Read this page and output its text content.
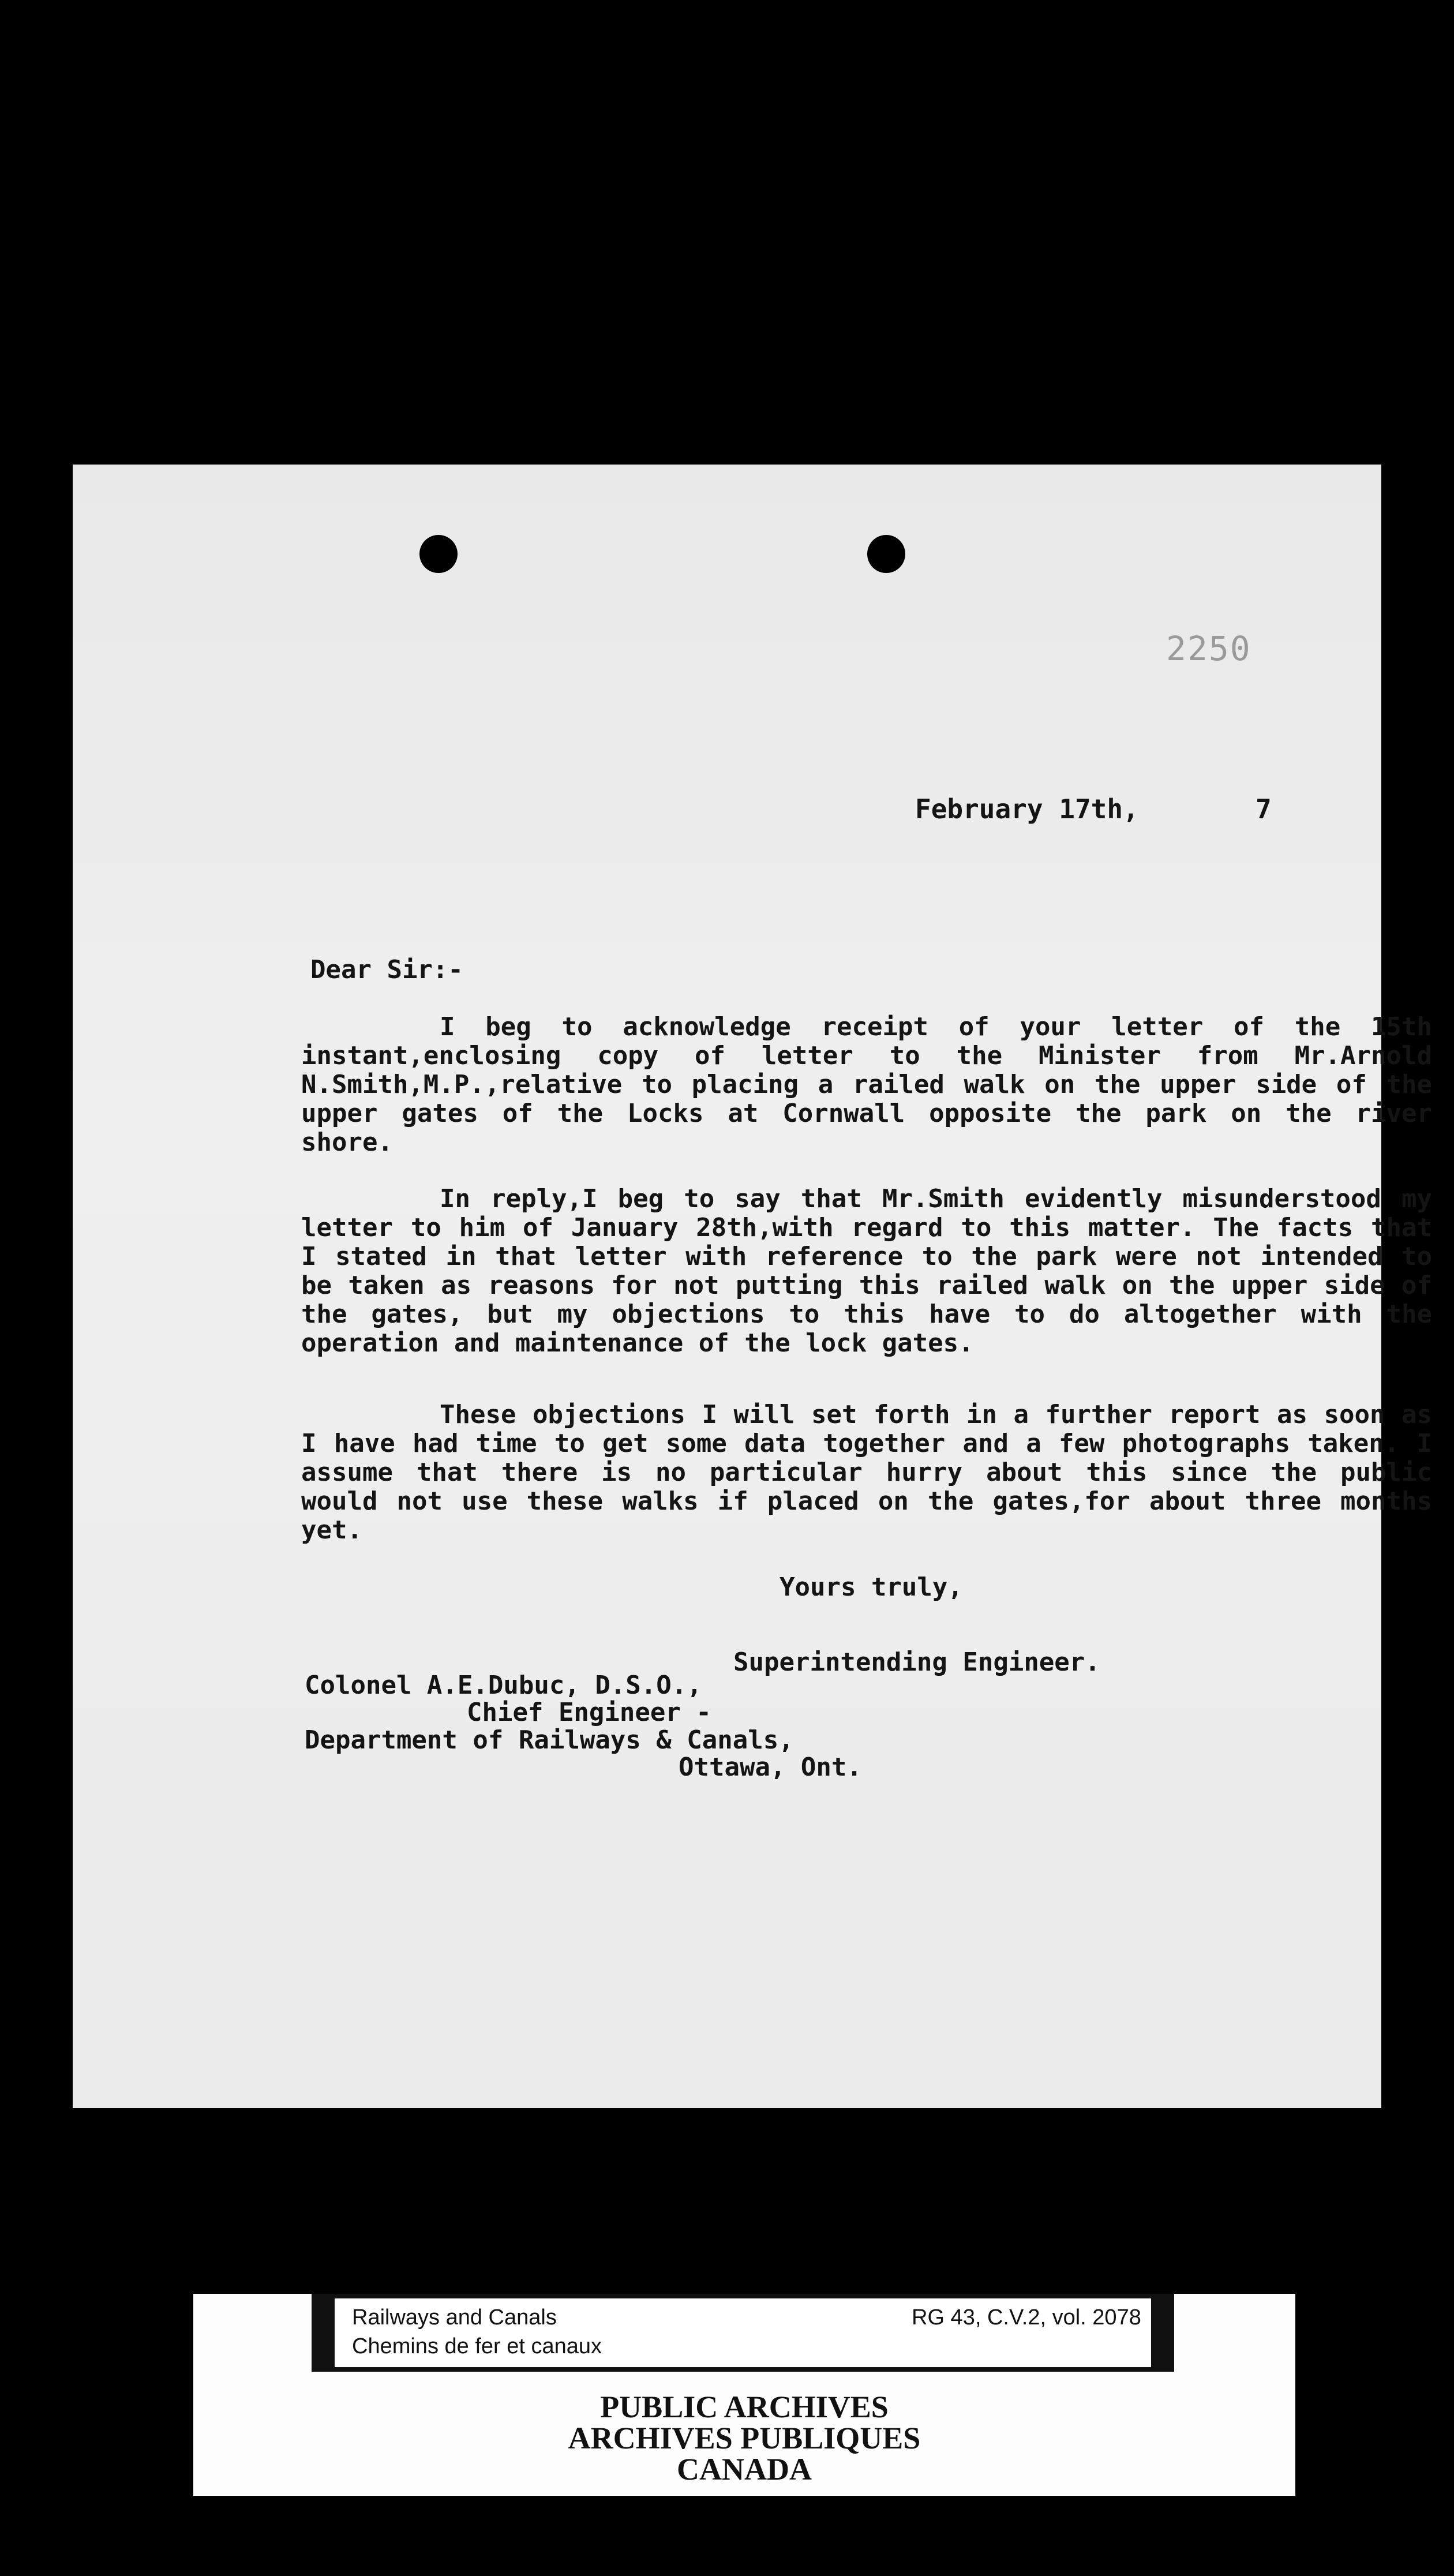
2250
February 17th,	7
Dear Sir:-
I beg to acknowledge receipt of your letter of the 15th instant,enclosing copy of letter to the Minister from Mr.Arnold N.Smith,M.P.,relative to placing a railed walk on the upper side of the upper gates of the Locks at Cornwall opposite the park on the river shore.
In reply,I beg to say that Mr.Smith evidently misunderstood my letter to him of January 28th,with regard to this matter. The facts that I stated in that letter with reference to the park were not intended to be taken as reasons for not putting this railed walk on the upper side of the gates, but my objections to this have to do altogether with the operation and maintenance of the lock gates.
These objections I will set forth in a further report as soon as I have had time to get some data together and a few photographs taken. I assume that there is no particular hurry about this since the public would not use these walks if placed on the gates,for about three months yet.
Yours truly,
Superintending Engineer.
Colonel A.E.Dubuc, D.S.O.,
Chief Engineer -
Department of Railways & Canals,
Ottawa, Ont.
Railways and Canals
Chemins de fer et canaux
RG 43, C.V.2, vol. 2078
PUBLIC ARCHIVES
ARCHIVES PUBLIQUES
CANADA
